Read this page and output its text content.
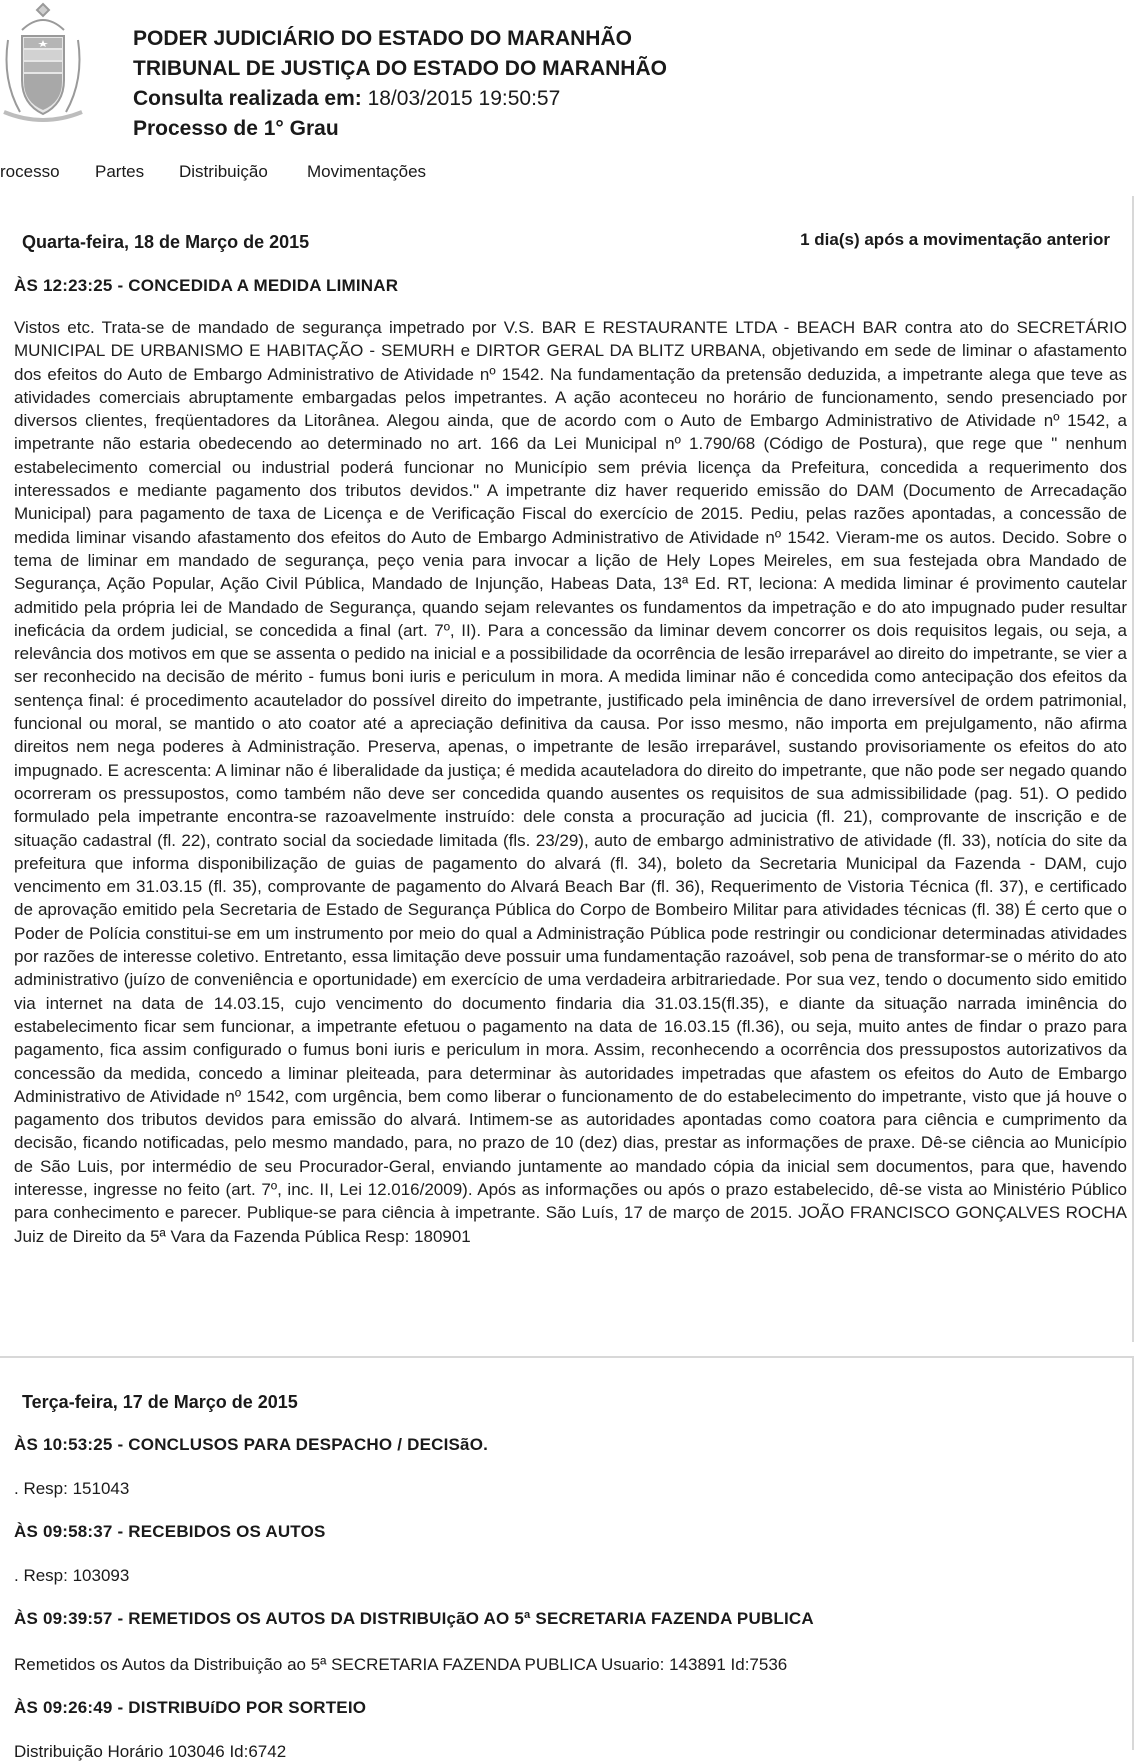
PODER JUDICIÁRIO DO ESTADO DO MARANHÃO
TRIBUNAL DE JUSTIÇA DO ESTADO DO MARANHÃO
Consulta realizada em: 18/03/2015 19:50:57
Processo de 1° Grau
rocesso Partes Distribuição Movimentações
Quarta-feira, 18 de Março de 2015	1 dia(s) após a movimentação anterior
ÀS 12:23:25 - CONCEDIDA A MEDIDA LIMINAR
Vistos etc. Trata-se de mandado de segurança impetrado por V.S. BAR E RESTAURANTE LTDA - BEACH BAR contra ato do SECRETÁRIO MUNICIPAL DE URBANISMO E HABITAÇÃO - SEMURH e DIRTOR GERAL DA BLITZ URBANA, objetivando em sede de liminar o afastamento dos efeitos do Auto de Embargo Administrativo de Atividade nº 1542. Na fundamentação da pretensão deduzida, a impetrante alega que teve as atividades comerciais abruptamente embargadas pelos impetrantes. A ação aconteceu no horário de funcionamento, sendo presenciado por diversos clientes, freqüentadores da Litorânea. Alegou ainda, que de acordo com o Auto de Embargo Administrativo de Atividade nº 1542, a impetrante não estaria obedecendo ao determinado no art. 166 da Lei Municipal nº 1.790/68 (Código de Postura), que rege que " nenhum estabelecimento comercial ou industrial poderá funcionar no Município sem prévia licença da Prefeitura, concedida a requerimento dos interessados e mediante pagamento dos tributos devidos." A impetrante diz haver requerido emissão do DAM (Documento de Arrecadação Municipal) para pagamento de taxa de Licença e de Verificação Fiscal do exercício de 2015. Pediu, pelas razões apontadas, a concessão de medida liminar visando afastamento dos efeitos do Auto de Embargo Administrativo de Atividade nº 1542. Vieram-me os autos. Decido. Sobre o tema de liminar em mandado de segurança, peço venia para invocar a lição de Hely Lopes Meireles, em sua festejada obra Mandado de Segurança, Ação Popular, Ação Civil Pública, Mandado de Injunção, Habeas Data, 13ª Ed. RT, leciona: A medida liminar é provimento cautelar admitido pela própria lei de Mandado de Segurança, quando sejam relevantes os fundamentos da impetração e do ato impugnado puder resultar ineficácia da ordem judicial, se concedida a final (art. 7º, II). Para a concessão da liminar devem concorrer os dois requisitos legais, ou seja, a relevância dos motivos em que se assenta o pedido na inicial e a possibilidade da ocorrência de lesão irreparável ao direito do impetrante, se vier a ser reconhecido na decisão de mérito - fumus boni iuris e periculum in mora. A medida liminar não é concedida como antecipação dos efeitos da sentença final: é procedimento acautelador do possível direito do impetrante, justificado pela iminência de dano irreversível de ordem patrimonial, funcional ou moral, se mantido o ato coator até a apreciação definitiva da causa. Por isso mesmo, não importa em prejulgamento, não afirma direitos nem nega poderes à Administração. Preserva, apenas, o impetrante de lesão irreparável, sustando provisoriamente os efeitos do ato impugnado. E acrescenta: A liminar não é liberalidade da justiça; é medida acauteladora do direito do impetrante, que não pode ser negado quando ocorreram os pressupostos, como também não deve ser concedida quando ausentes os requisitos de sua admissibilidade (pag. 51). O pedido formulado pela impetrante encontra-se razoavelmente instruído: dele consta a procuração ad jucicia (fl. 21), comprovante de inscrição e de situação cadastral (fl. 22), contrato social da sociedade limitada (fls. 23/29), auto de embargo administrativo de atividade (fl. 33), notícia do site da prefeitura que informa disponibilização de guias de pagamento do alvará (fl. 34), boleto da Secretaria Municipal da Fazenda - DAM, cujo vencimento em 31.03.15 (fl. 35), comprovante de pagamento do Alvará Beach Bar (fl. 36), Requerimento de Vistoria Técnica (fl. 37), e certificado de aprovação emitido pela Secretaria de Estado de Segurança Pública do Corpo de Bombeiro Militar para atividades técnicas (fl. 38) É certo que o Poder de Polícia constitui-se em um instrumento por meio do qual a Administração Pública pode restringir ou condicionar determinadas atividades por razões de interesse coletivo. Entretanto, essa limitação deve possuir uma fundamentação razoável, sob pena de transformar-se o mérito do ato administrativo (juízo de conveniência e oportunidade) em exercício de uma verdadeira arbitrariedade. Por sua vez, tendo o documento sido emitido via internet na data de 14.03.15, cujo vencimento do documento findaria dia 31.03.15(fl.35), e diante da situação narrada iminência do estabelecimento ficar sem funcionar, a impetrante efetuou o pagamento na data de 16.03.15 (fl.36), ou seja, muito antes de findar o prazo para pagamento, fica assim configurado o fumus boni iuris e periculum in mora. Assim, reconhecendo a ocorrência dos pressupostos autorizativos da concessão da medida, concedo a liminar pleiteada, para determinar às autoridades impetradas que afastem os efeitos do Auto de Embargo Administrativo de Atividade nº 1542, com urgência, bem como liberar o funcionamento de do estabelecimento do impetrante, visto que já houve o pagamento dos tributos devidos para emissão do alvará. Intimem-se as autoridades apontadas como coatora para ciência e cumprimento da decisão, ficando notificadas, pelo mesmo mandado, para, no prazo de 10 (dez) dias, prestar as informações de praxe. Dê-se ciência ao Município de São Luis, por intermédio de seu Procurador-Geral, enviando juntamente ao mandado cópia da inicial sem documentos, para que, havendo interesse, ingresse no feito (art. 7º, inc. II, Lei 12.016/2009). Após as informações ou após o prazo estabelecido, dê-se vista ao Ministério Público para conhecimento e parecer. Publique-se para ciência à impetrante. São Luís, 17 de março de 2015. JOÃO FRANCISCO GONÇALVES ROCHA Juiz de Direito da 5ª Vara da Fazenda Pública Resp: 180901
Terça-feira, 17 de Março de 2015
ÀS 10:53:25 - CONCLUSOS PARA DESPACHO / DECISãO.
. Resp: 151043
ÀS 09:58:37 - RECEBIDOS OS AUTOS
. Resp: 103093
ÀS 09:39:57 - REMETIDOS OS AUTOS DA DISTRIBUIçãO AO 5ª SECRETARIA FAZENDA PUBLICA
Remetidos os Autos da Distribuição ao 5ª SECRETARIA FAZENDA PUBLICA Usuario: 143891 Id:7536
ÀS 09:26:49 - DISTRIBUíDO POR SORTEIO
Distribuição Horário 103046 Id:6742
